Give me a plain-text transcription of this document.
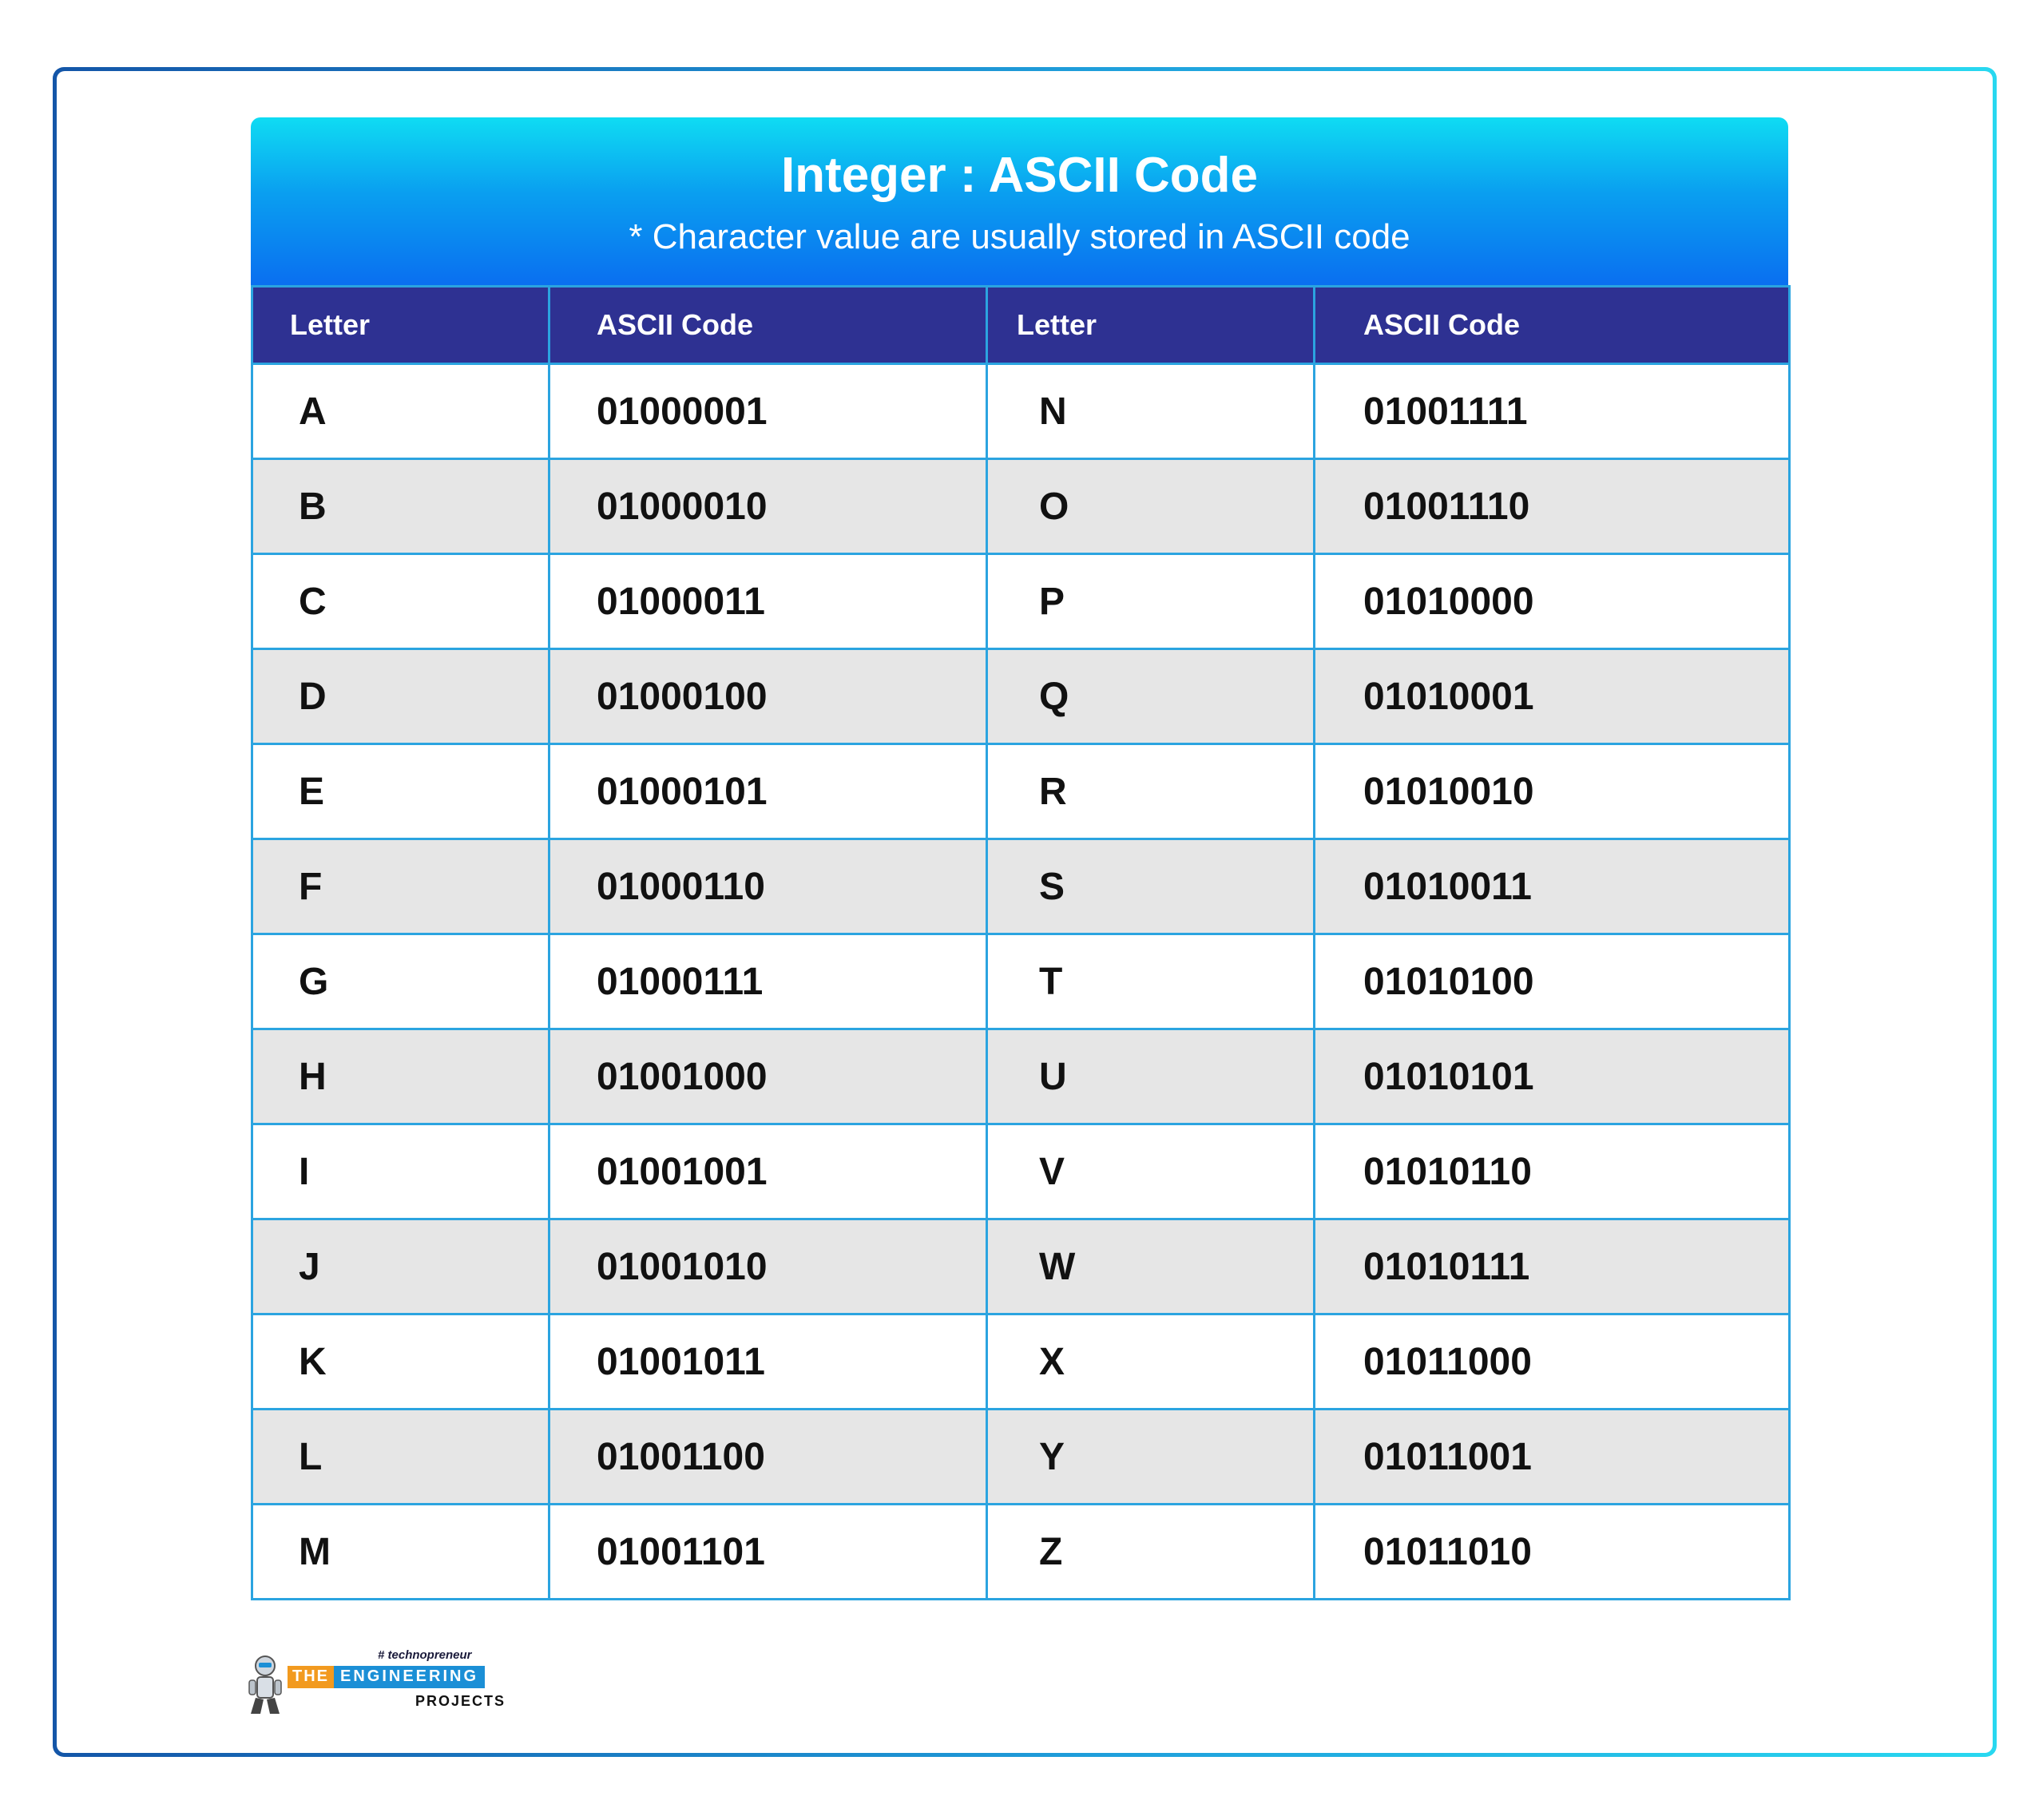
Integer : ASCII Code
* Character value are usually stored in ASCII code
Letter	ASCII Code	Letter	ASCII Code
A	01000001	N	01001111
B	01000010	O	01001110
C	01000011	P	01010000
D	01000100	Q	01010001
E	01000101	R	01010010
F	01000110	S	01010011
G	01000111	T	01010100
H	01001000	U	01010101
I	01001001	V	01010110
J	01001010	W	01010111
K	01001011	X	01011000
L	01001100	Y	01011001
M	01001101	Z	01011010
# technopreneur
THE ENGINEERING
PROJECTS
